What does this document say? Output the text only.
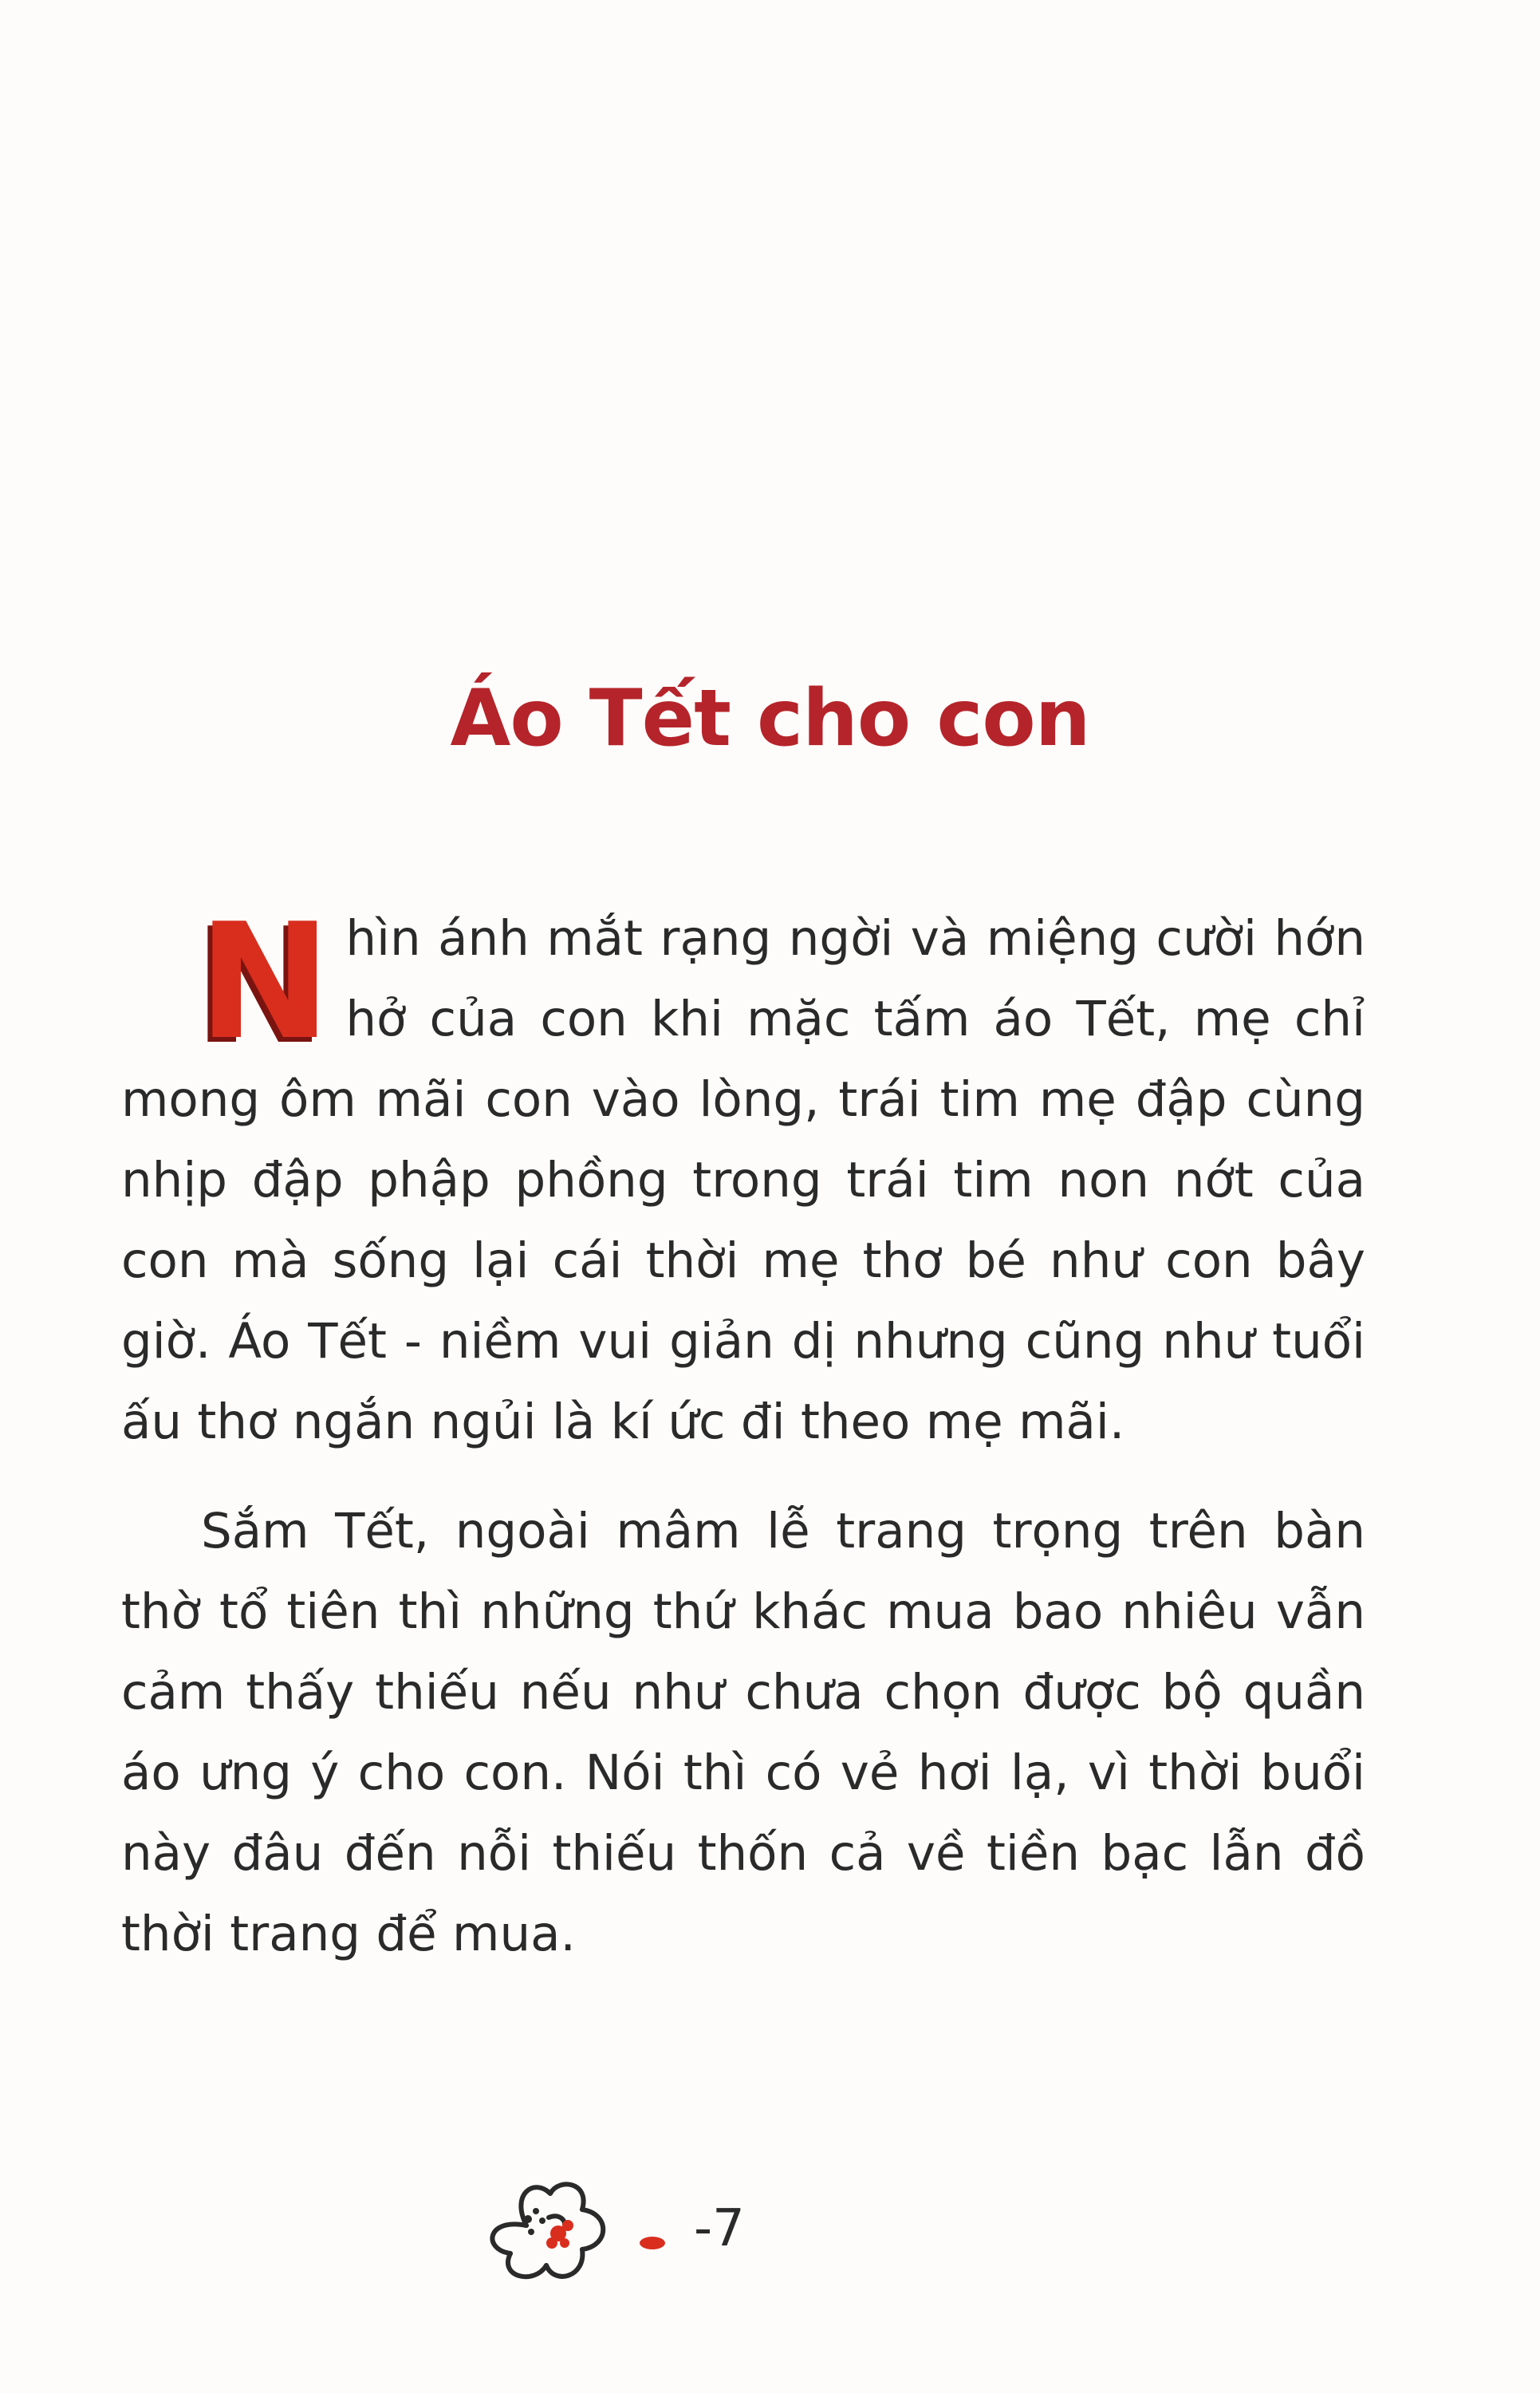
Áo Tết cho con

Nhìn ánh mắt rạng ngời và miệng cười hớn hở của con khi mặc tấm áo Tết, mẹ chỉ mong ôm mãi con vào lòng, trái tim mẹ đập cùng nhịp đập phập phồng trong trái tim non nớt của con mà sống lại cái thời mẹ thơ bé như con bây giờ. Áo Tết - niềm vui giản dị nhưng cũng như tuổi ấu thơ ngắn ngủi là kí ức đi theo mẹ mãi.

Sắm Tết, ngoài mâm lễ trang trọng trên bàn thờ tổ tiên thì những thứ khác mua bao nhiêu vẫn cảm thấy thiếu nếu như chưa chọn được bộ quần áo ưng ý cho con. Nói thì có vẻ hơi lạ, vì thời buổi này đâu đến nỗi thiếu thốn cả về tiền bạc lẫn đồ thời trang để mua.

-7
